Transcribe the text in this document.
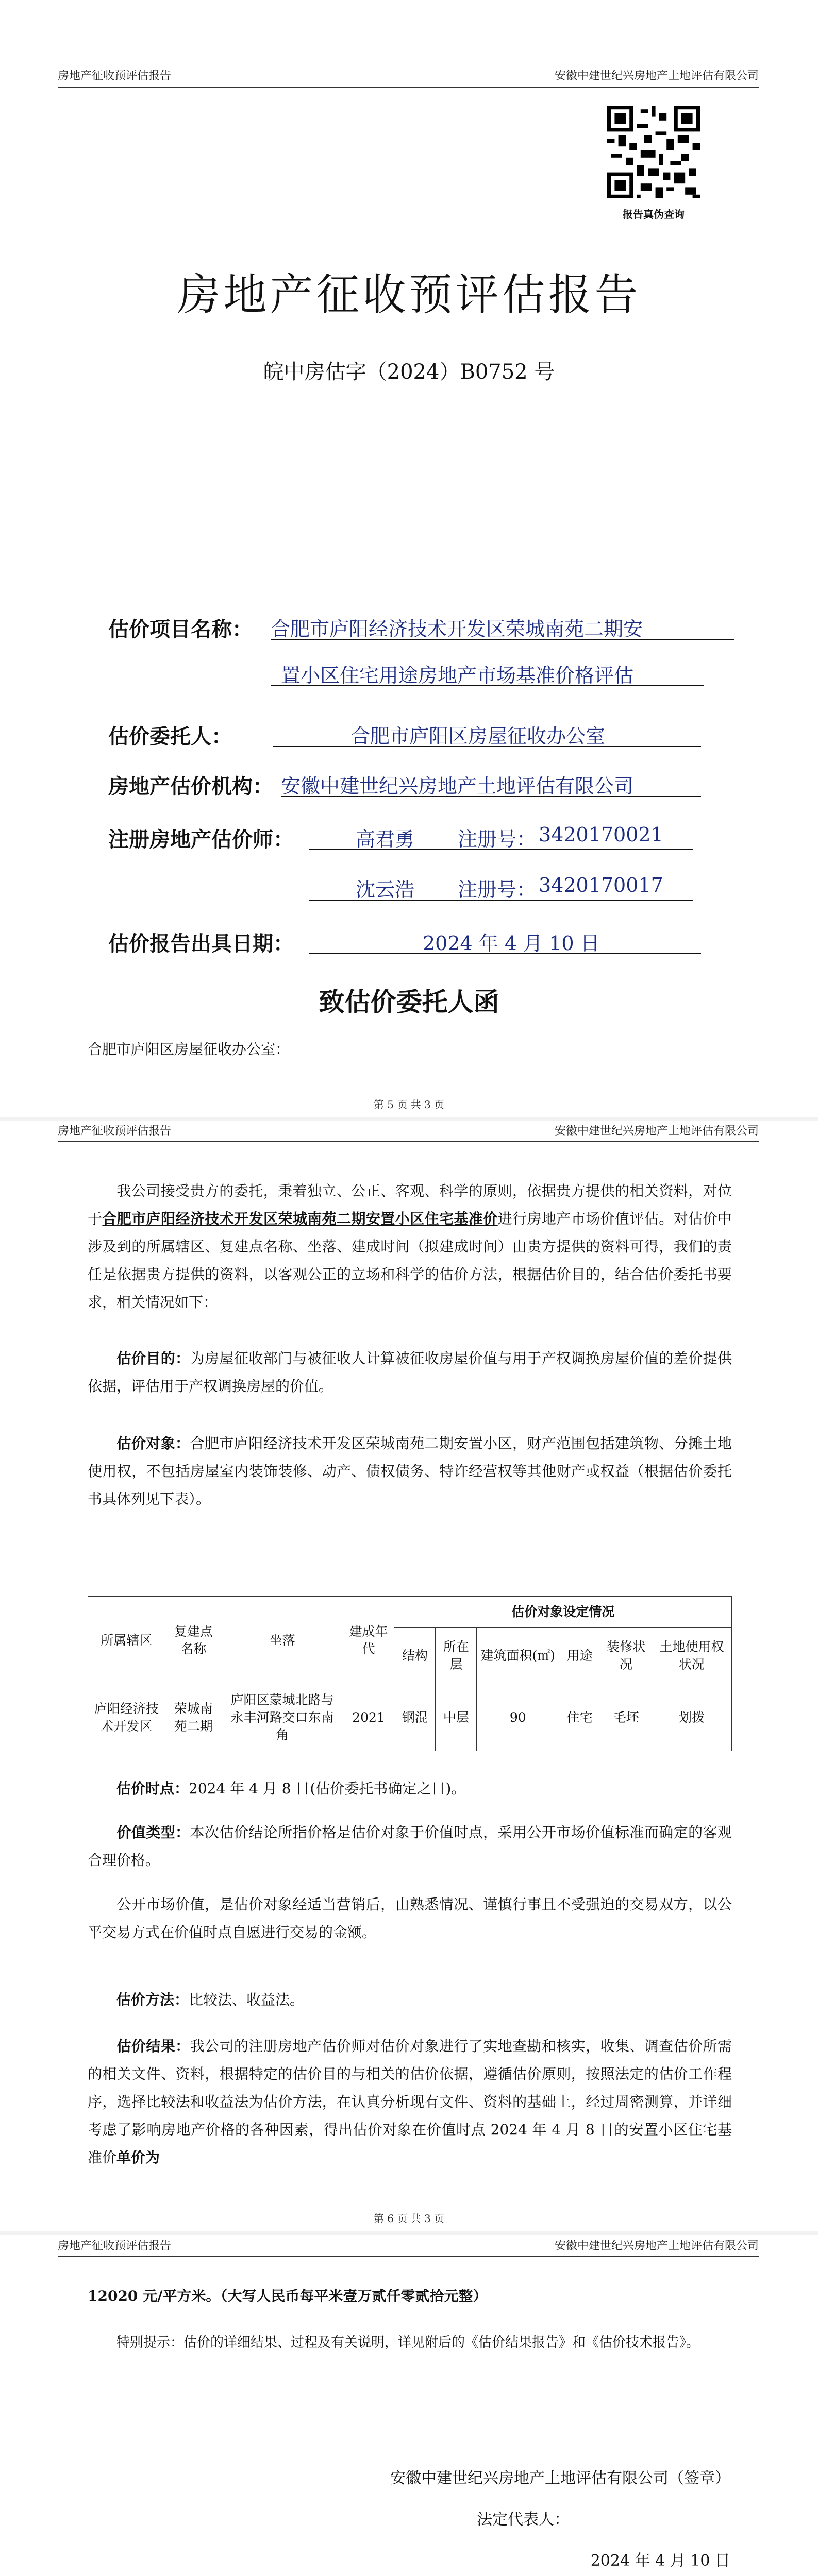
房地产征收预评估报告	安徽中建世纪兴房地产土地评估有限公司
报告真伪查询
房地产征收预评估报告
皖中房估字（2024）B0752 号
估价项目名称： 合肥市庐阳经济技术开发区荣城南苑二期安
置小区住宅用途房地产市场基准价格评估
估价委托人：	合肥市庐阳区房屋征收办公室
房地产估价机构： 安徽中建世纪兴房地产土地评估有限公司
注册房地产估价师：	高君勇 注册号： 3420170021
沈云浩 注册号： 3420170017
估价报告出具日期：	2024 年 4 月 10 日
致估价委托人函
合肥市庐阳区房屋征收办公室：
第 5 页 共 3 页
房地产征收预评估报告	安徽中建世纪兴房地产土地评估有限公司
我公司接受贵方的委托，秉着独立、公正、客观、科学的原则，依据贵方提供的相关资料，对位于合肥市庐阳经济技术开发区荣城南苑二期安置小区住宅基准价进行房地产市场价值评估。对估价中涉及到的所属辖区、复建点名称、坐落、建成时间（拟建成时间）由贵方提供的资料可得，我们的责任是依据贵方提供的资料，以客观公正的立场和科学的估价方法，根据估价目的，结合估价委托书要求，相关情况如下：
估价目的：为房屋征收部门与被征收人计算被征收房屋价值与用于产权调换房屋价值的差价提供依据，评估用于产权调换房屋的价值。
估价对象：合肥市庐阳经济技术开发区荣城南苑二期安置小区，财产范围包括建筑物、分摊土地使用权，不包括房屋室内装饰装修、动产、债权债务、特许经营权等其他财产或权益（根据估价委托书具体列见下表）。
所属辖区	复建点名称	坐落	建成年代	估价对象设定情况					
				结构	所在层	建筑面积(㎡)	用途	装修状况	土地使用权状况
庐阳经济技术开发区	荣城南苑二期	庐阳区蒙城北路与永丰河路交口东南角	2021	钢混	中层	90	住宅	毛坯	划拨
估价时点：2024 年 4 月 8 日(估价委托书确定之日)。
价值类型：本次估价结论所指价格是估价对象于价值时点，采用公开市场价值标准而确定的客观合理价格。
公开市场价值，是估价对象经适当营销后，由熟悉情况、谨慎行事且不受强迫的交易双方，以公平交易方式在价值时点自愿进行交易的金额。
估价方法：比较法、收益法。
估价结果：我公司的注册房地产估价师对估价对象进行了实地查勘和核实，收集、调查估价所需的相关文件、资料，根据特定的估价目的与相关的估价依据，遵循估价原则，按照法定的估价工作程序，选择比较法和收益法为估价方法，在认真分析现有文件、资料的基础上，经过周密测算，并详细考虑了影响房地产价格的各种因素，得出估价对象在价值时点 2024 年 4 月 8 日的安置小区住宅基准价单价为
第 6 页 共 3 页
房地产征收预评估报告	安徽中建世纪兴房地产土地评估有限公司
12020 元/平方米。（大写人民币每平米壹万贰仟零贰拾元整）
特别提示：估价的详细结果、过程及有关说明，详见附后的《估价结果报告》和《估价技术报告》。
安徽中建世纪兴房地产土地评估有限公司（签章）
法定代表人：
2024 年 4 月 10 日
